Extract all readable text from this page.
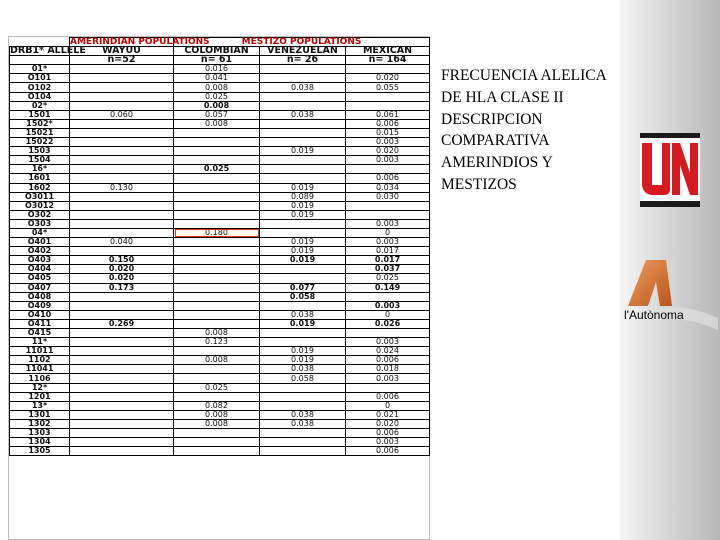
	AMERINDIAN POPULATIONS	MESTIZO POPULATIONS		
DRB1* ALLELE	WAYUU	COLOMBIAN	VENEZUELAN	MEXICAN
	n=52	n= 61	n= 26	n= 164
01*		0.016		
O101		0.041		0.020
O102		0.008	0.038	0.055
O104		0.025		
02*		0.008		
1501	0.060	0.057	0.038	0.061
1502*		0.008		0.006
15021				0.015
15022				0.003
1503			0.019	0.020
1504				0.003
16*		0.025		
1601				0.006
1602	0.130		0.019	0.034
O3011			0.089	0.030
O3012			0.019	
O302			0.019	
O303				0.003
04*		0.180		0
O401	0.040		0.019	0.003
O402			0.019	0.017
O403	0.150		0.019	0.017
O404	0.020			0.037
O405	0.020			0.025
O407	0.173		0.077	0.149
O408			0.058	
O409				0.003
O410			0.038	0
O411	0.269		0.019	0.026
O415		0.008		
11*		0.123		0.003
11011			0.019	0.024
1102		0.008	0.019	0.006
11041			0.038	0.018
1106			0.058	0.003
12*		0.025		
1201				0.006
13*		0.082		0
1301		0.008	0.038	0.021
1302		0.008	0.038	0.020
1303				0.006
1304				0.003
1305				0.006
FRECUENCIA ALELICA DE HLA CLASE II DESCRIPCION COMPARATIVA AMERINDIOS Y MESTIZOS
l'Autònoma
